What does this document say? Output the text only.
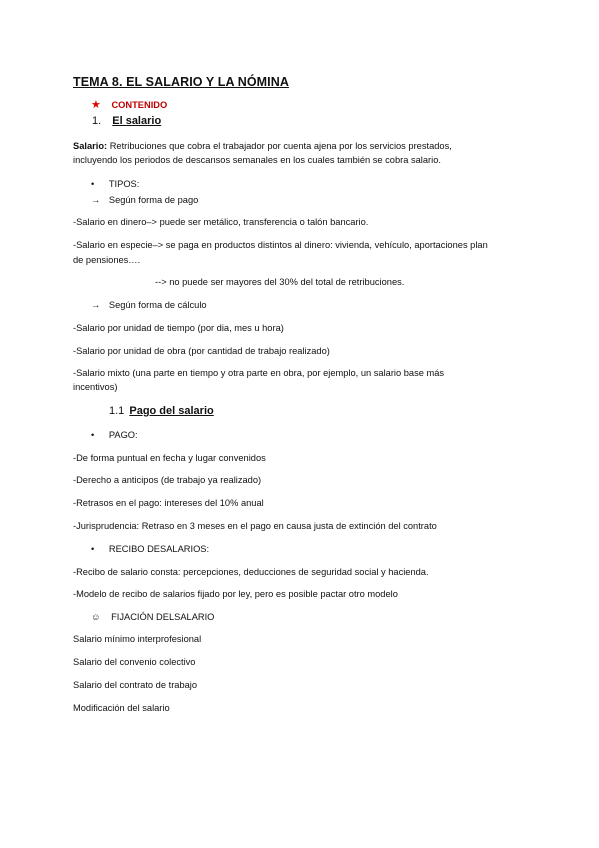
TEMA 8. EL SALARIO Y LA NÓMINA
★ CONTENIDO
1. El salario
Salario: Retribuciones que cobra el trabajador por cuenta ajena por los servicios prestados,
incluyendo los periodos de descansos semanales en los cuales también se cobra salario.
• TIPOS:
→ Según forma de pago
-Salario en dinero–> puede ser metálico, transferencia o talón bancario.
-Salario en especie–> se paga en productos distintos al dinero: vivienda, vehículo, aportaciones plan
de pensiones….
--> no puede ser mayores del 30% del total de retribuciones.
→ Según forma de cálculo
-Salario por unidad de tiempo (por dia, mes u hora)
-Salario por unidad de obra (por cantidad de trabajo realizado)
-Salario mixto (una parte en tiempo y otra parte en obra, por ejemplo, un salario base más
incentivos)
1.1 Pago del salario
• PAGO:
-De forma puntual en fecha y lugar convenidos
-Derecho a anticipos (de trabajo ya realizado)
-Retrasos en el pago: intereses del 10% anual
-Jurisprudencia: Retraso en 3 meses en el pago en causa justa de extinción del contrato
• RECIBO DESALARIOS:
-Recibo de salario consta: percepciones, deducciones de seguridad social y hacienda.
-Modelo de recibo de salarios fijado por ley, pero es posible pactar otro modelo
☺ FIJACIÓN DELSALARIO
Salario mínimo interprofesional
Salario del convenio colectivo
Salario del contrato de trabajo
Modificación del salario
